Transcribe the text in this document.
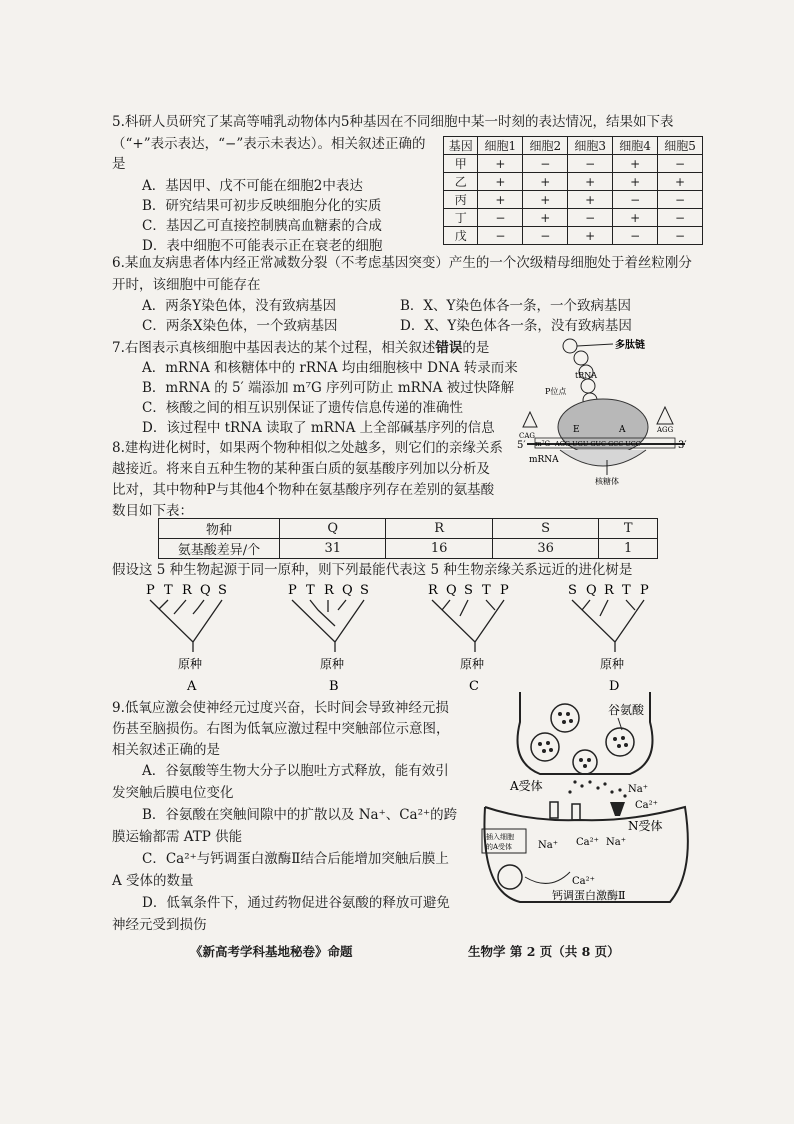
5.科研人员研究了某高等哺乳动物体内5种基因在不同细胞中某一时刻的表达情况，结果如下表
（“+”表示表达，“−”表示未表达）。相关叙述正确的
是
A．基因甲、戊不可能在细胞2中表达
B．研究结果可初步反映细胞分化的实质
C．基因乙可直接控制胰高血糖素的合成
D．表中细胞不可能表示正在衰老的细胞
基因	细胞1	细胞2	细胞3	细胞4	细胞5
甲	+	−	−	+	−
乙	+	+	+	+	+
丙	+	+	+	−	−
丁	−	+	−	+	−
戊	−	−	+	−	−
6.某血友病患者体内经正常减数分裂（不考虑基因突变）产生的一个次级精母细胞处于着丝粒刚分
开时，该细胞中可能存在
A．两条Y染色体，没有致病基因	B．X、Y染色体各一条，一个致病基因
C．两条X染色体，一个致病基因	D．X、Y染色体各一条，没有致病基因
7.右图表示真核细胞中基因表达的某个过程，相关叙述错误的是
A．mRNA 和核糖体中的 rRNA 均由细胞核中 DNA 转录而来
B．mRNA 的 5′ 端添加 m⁷G 序列可防止 mRNA 被过快降解
C．核酸之间的相互识别保证了遗传信息传递的准确性
D．该过程中 tRNA 读取了 mRNA 上全部碱基序列的信息
多肽链
5′	3′
m⁷G AGG UGU GUC GCC UCC
mRNA
CAG
AGG
tRNA
P位点
E	A
核糖体
8.建构进化树时，如果两个物种相似之处越多，则它们的亲缘关系
越接近。将来自五种生物的某种蛋白质的氨基酸序列加以分析及
比对，其中物种P与其他4个物种在氨基酸序列存在差别的氨基酸
数目如下表：
物种	Q	R	S	T
氨基酸差异/个	31	16	36	1
假设这 5 种生物起源于同一原种，则下列最能代表这 5 种生物亲缘关系远近的进化树是
P T R Q S
原种
A
P T R Q S
原种
B
R Q S T P
原种
C
S Q R T P
原种
D
9.低氧应激会使神经元过度兴奋，长时间会导致神经元损
伤甚至脑损伤。右图为低氧应激过程中突触部位示意图，
相关叙述正确的是
A．谷氨酸等生物大分子以胞吐方式释放，能有效引
发突触后膜电位变化
B．谷氨酸在突触间隙中的扩散以及 Na⁺、Ca²⁺的跨
膜运输都需 ATP 供能
C．Ca²⁺与钙调蛋白激酶Ⅱ结合后能增加突触后膜上
A 受体的数量
D．低氧条件下，通过药物促进谷氨酸的释放可避免
神经元受到损伤
谷氨酸
Na⁺
Ca²⁺
A受体
N受体
Na⁺ Ca²⁺ Na⁺
插入细胞
的A受体
Ca²⁺
钙调蛋白激酶Ⅱ
《新高考学科基地秘卷》命题	生物学 第 2 页（共 8 页）
